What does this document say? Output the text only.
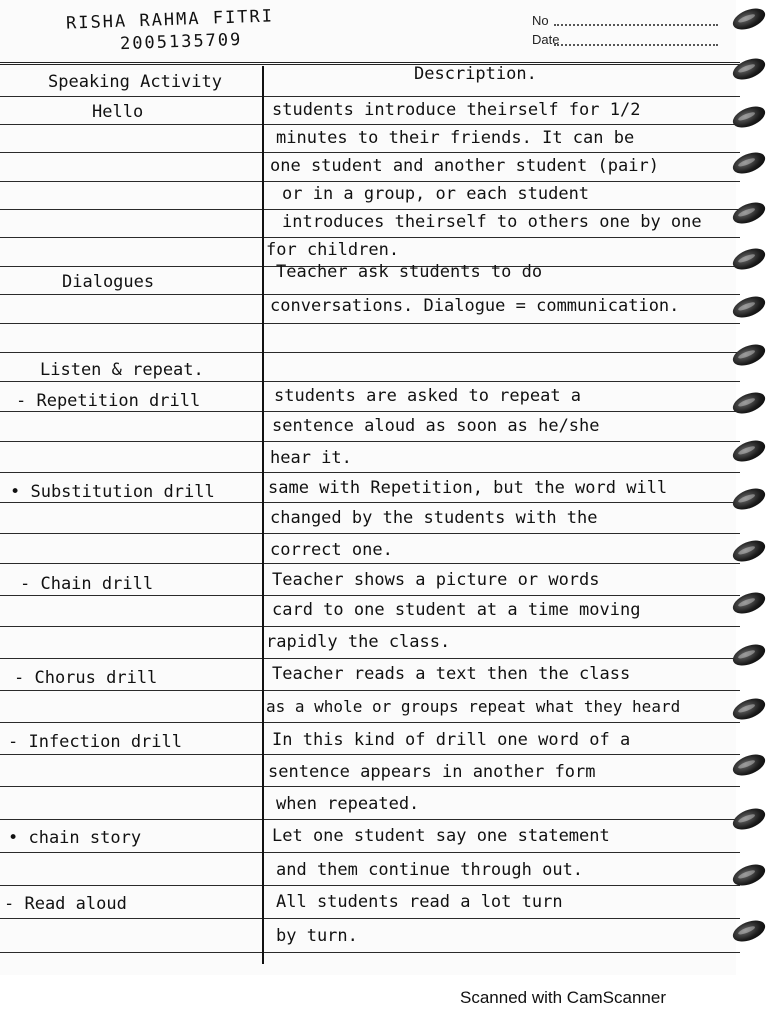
RISHA RAHMA FITRI
2005135709
No
Date
Speaking Activity	Description.
Hello	students introduce theirself for 1/2
minutes to their friends. It can be
one student and another student (pair)
or in a group, or each student
introduces theirself to others one by one
for children.
Dialogues	Teacher ask students to do
conversations. Dialogue = communication.
Listen & repeat.
- Repetition drill	students are asked to repeat a
sentence aloud as soon as he/she
hear it.
• Substitution drill	same with Repetition, but the word will
changed by the students with the
correct one.
- Chain drill	Teacher shows a picture or words
card to one student at a time moving
rapidly the class.
- Chorus drill	Teacher reads a text then the class
as a whole or groups repeat what they heard
- Infection drill	In this kind of drill one word of a
sentence appears in another form
when repeated.
• chain story	Let one student say one statement
and them continue through out.
- Read aloud	All students read a lot turn
by turn.
Scanned with CamScanner
